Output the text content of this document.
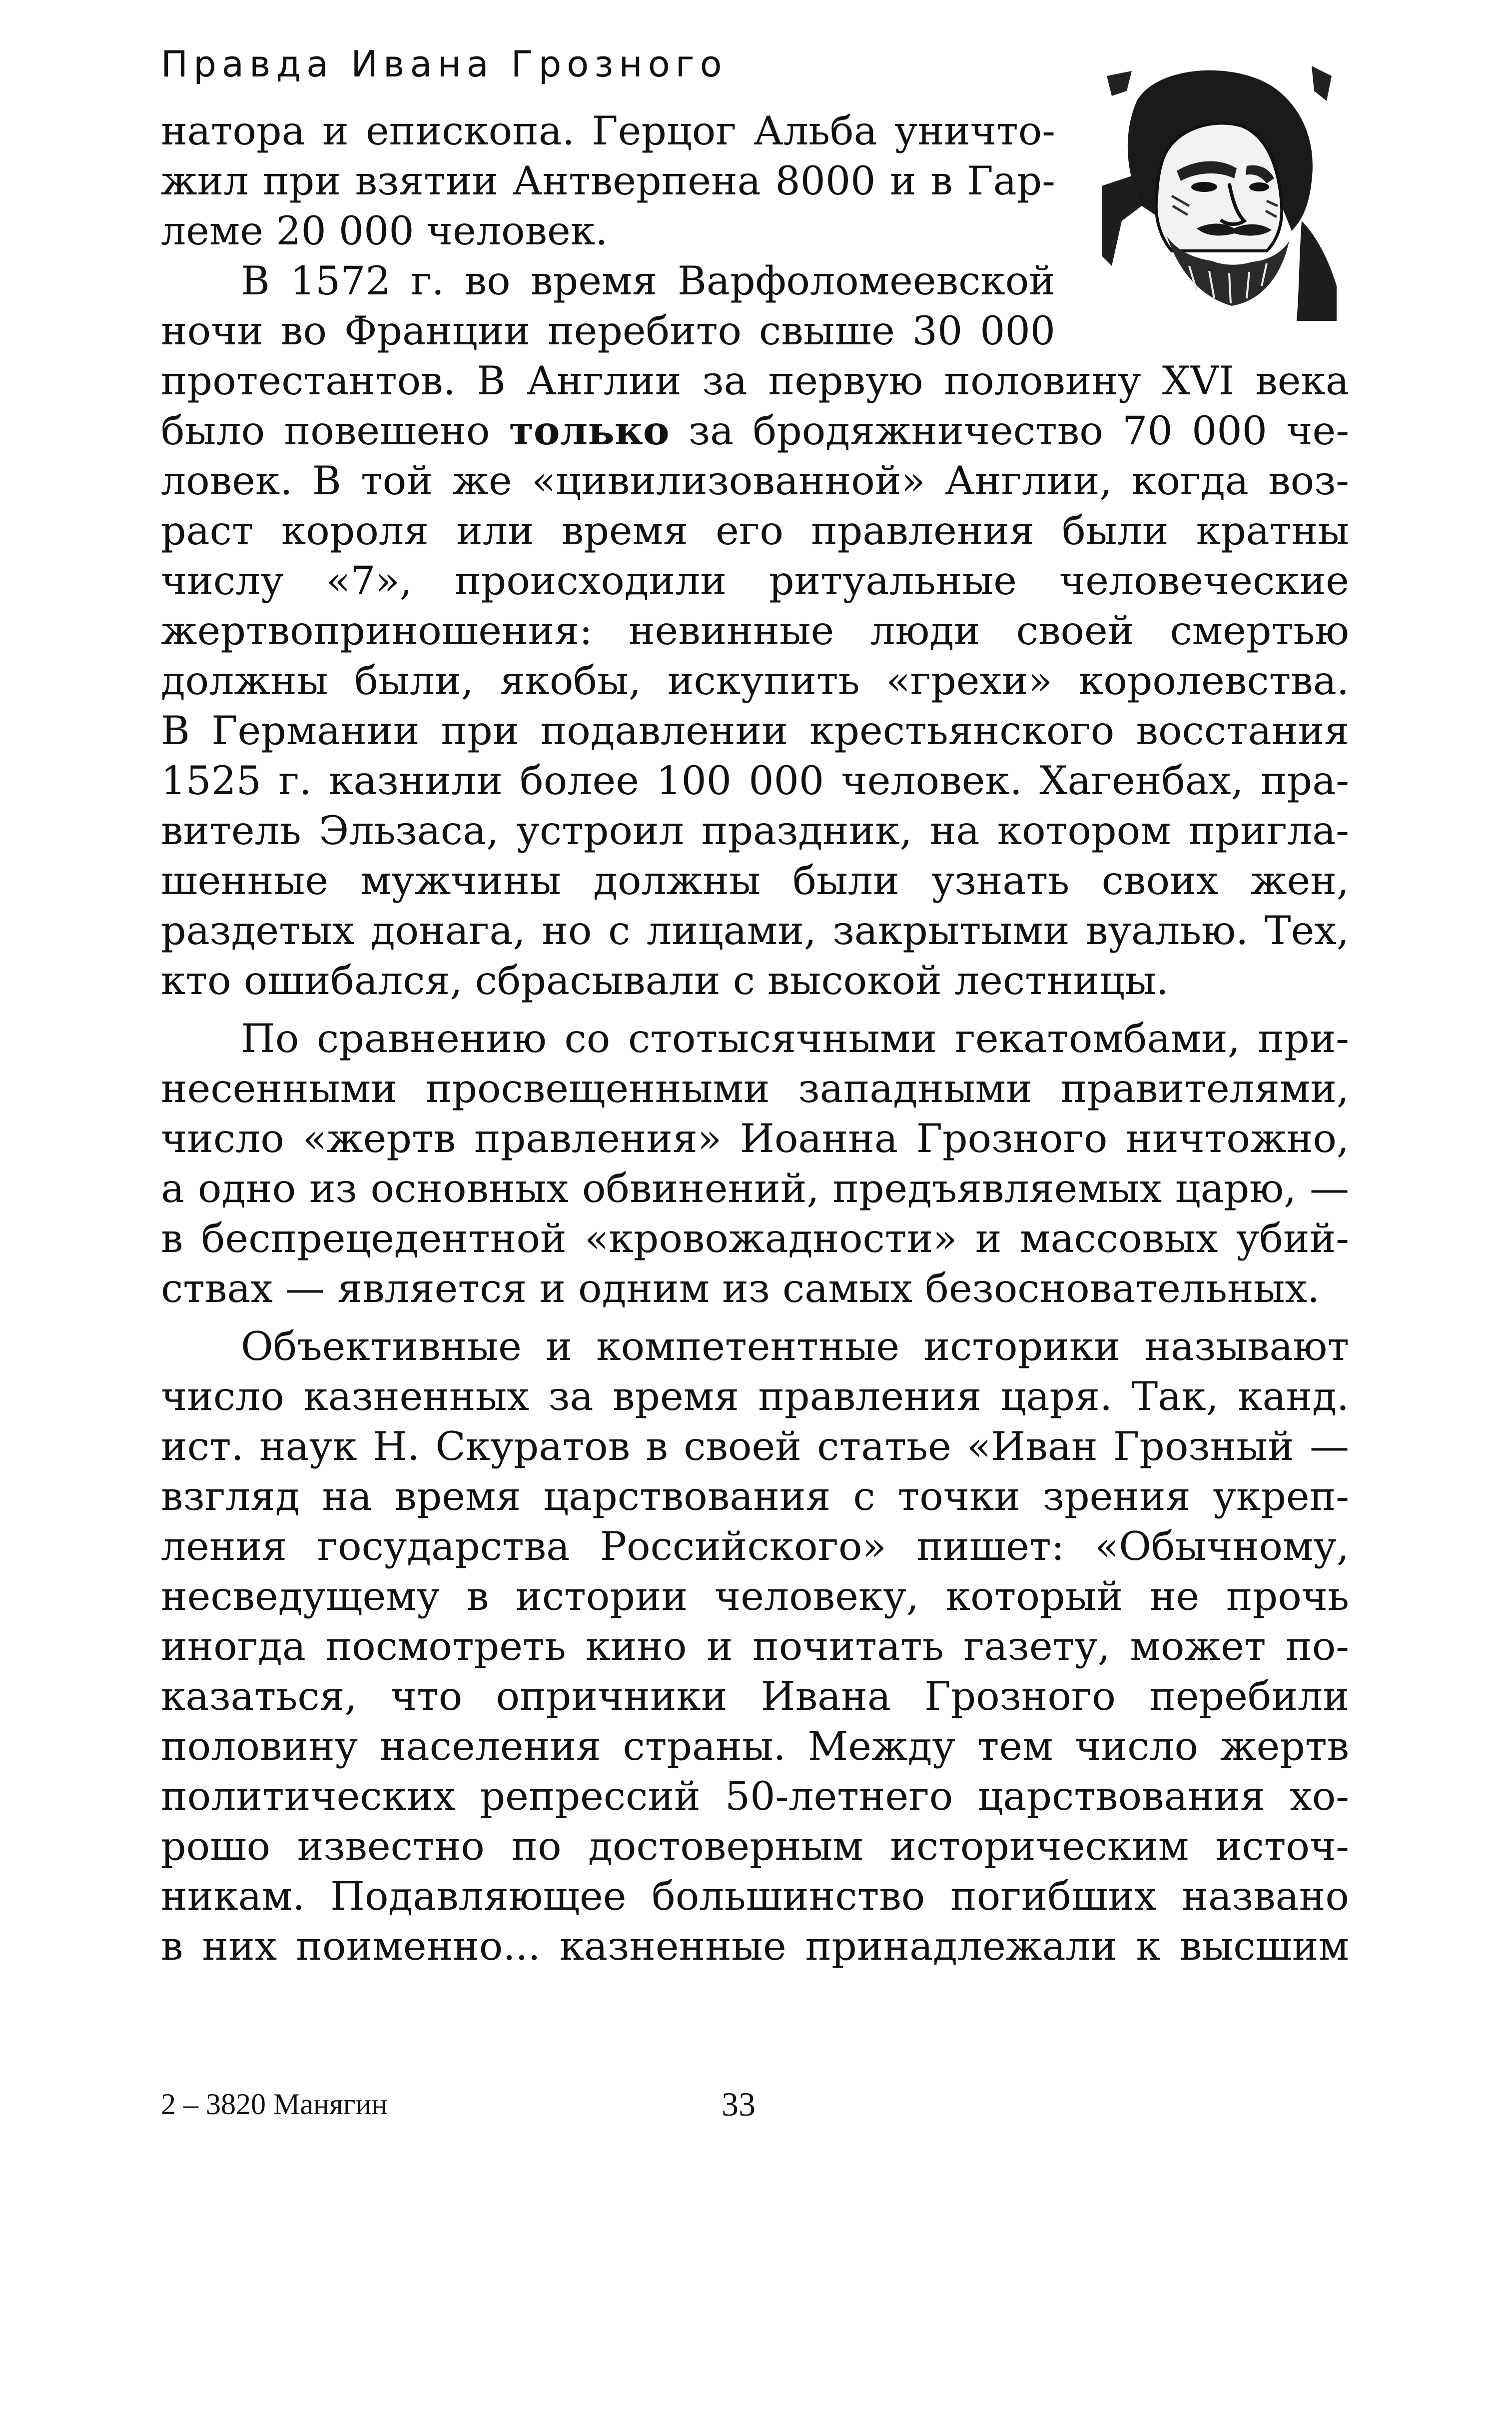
Правда Ивана Грозного
натора и епископа. Герцог Альба уничто-
жил при взятии Антверпена 8000 и в Гар-
леме 20 000 человек.
В 1572 г. во время Варфоломеевской
ночи во Франции перебито свыше 30 000
протестантов. В Англии за первую половину XVI века
было повешено только за бродяжничество 70 000 че-
ловек. В той же «цивилизованной» Англии, когда воз-
раст короля или время его правления были кратны
числу «7», происходили ритуальные человеческие
жертвоприношения: невинные люди своей смертью
должны были, якобы, искупить «грехи» королевства.
В Германии при подавлении крестьянского восстания
1525 г. казнили более 100 000 человек. Хагенбах, пра-
витель Эльзаса, устроил праздник, на котором пригла-
шенные мужчины должны были узнать своих жен,
раздетых донага, но с лицами, закрытыми вуалью. Тех,
кто ошибался, сбрасывали с высокой лестницы.
По сравнению со стотысячными гекатомбами, при-
несенными просвещенными западными правителями,
число «жертв правления» Иоанна Грозного ничтожно,
а одно из основных обвинений, предъявляемых царю, —
в беспрецедентной «кровожадности» и массовых убий-
ствах — является и одним из самых безосновательных.
Объективные и компетентные историки называют
число казненных за время правления царя. Так, канд.
ист. наук Н. Скуратов в своей статье «Иван Грозный —
взгляд на время царствования с точки зрения укреп-
ления государства Российского» пишет: «Обычному,
несведущему в истории человеку, который не прочь
иногда посмотреть кино и почитать газету, может по-
казаться, что опричники Ивана Грозного перебили
половину населения страны. Между тем число жертв
политических репрессий 50-летнего царствования хо-
рошо известно по достоверным историческим источ-
никам. Подавляющее большинство погибших названо
в них поименно... казненные принадлежали к высшим
2 – 3820 Манягин	33
